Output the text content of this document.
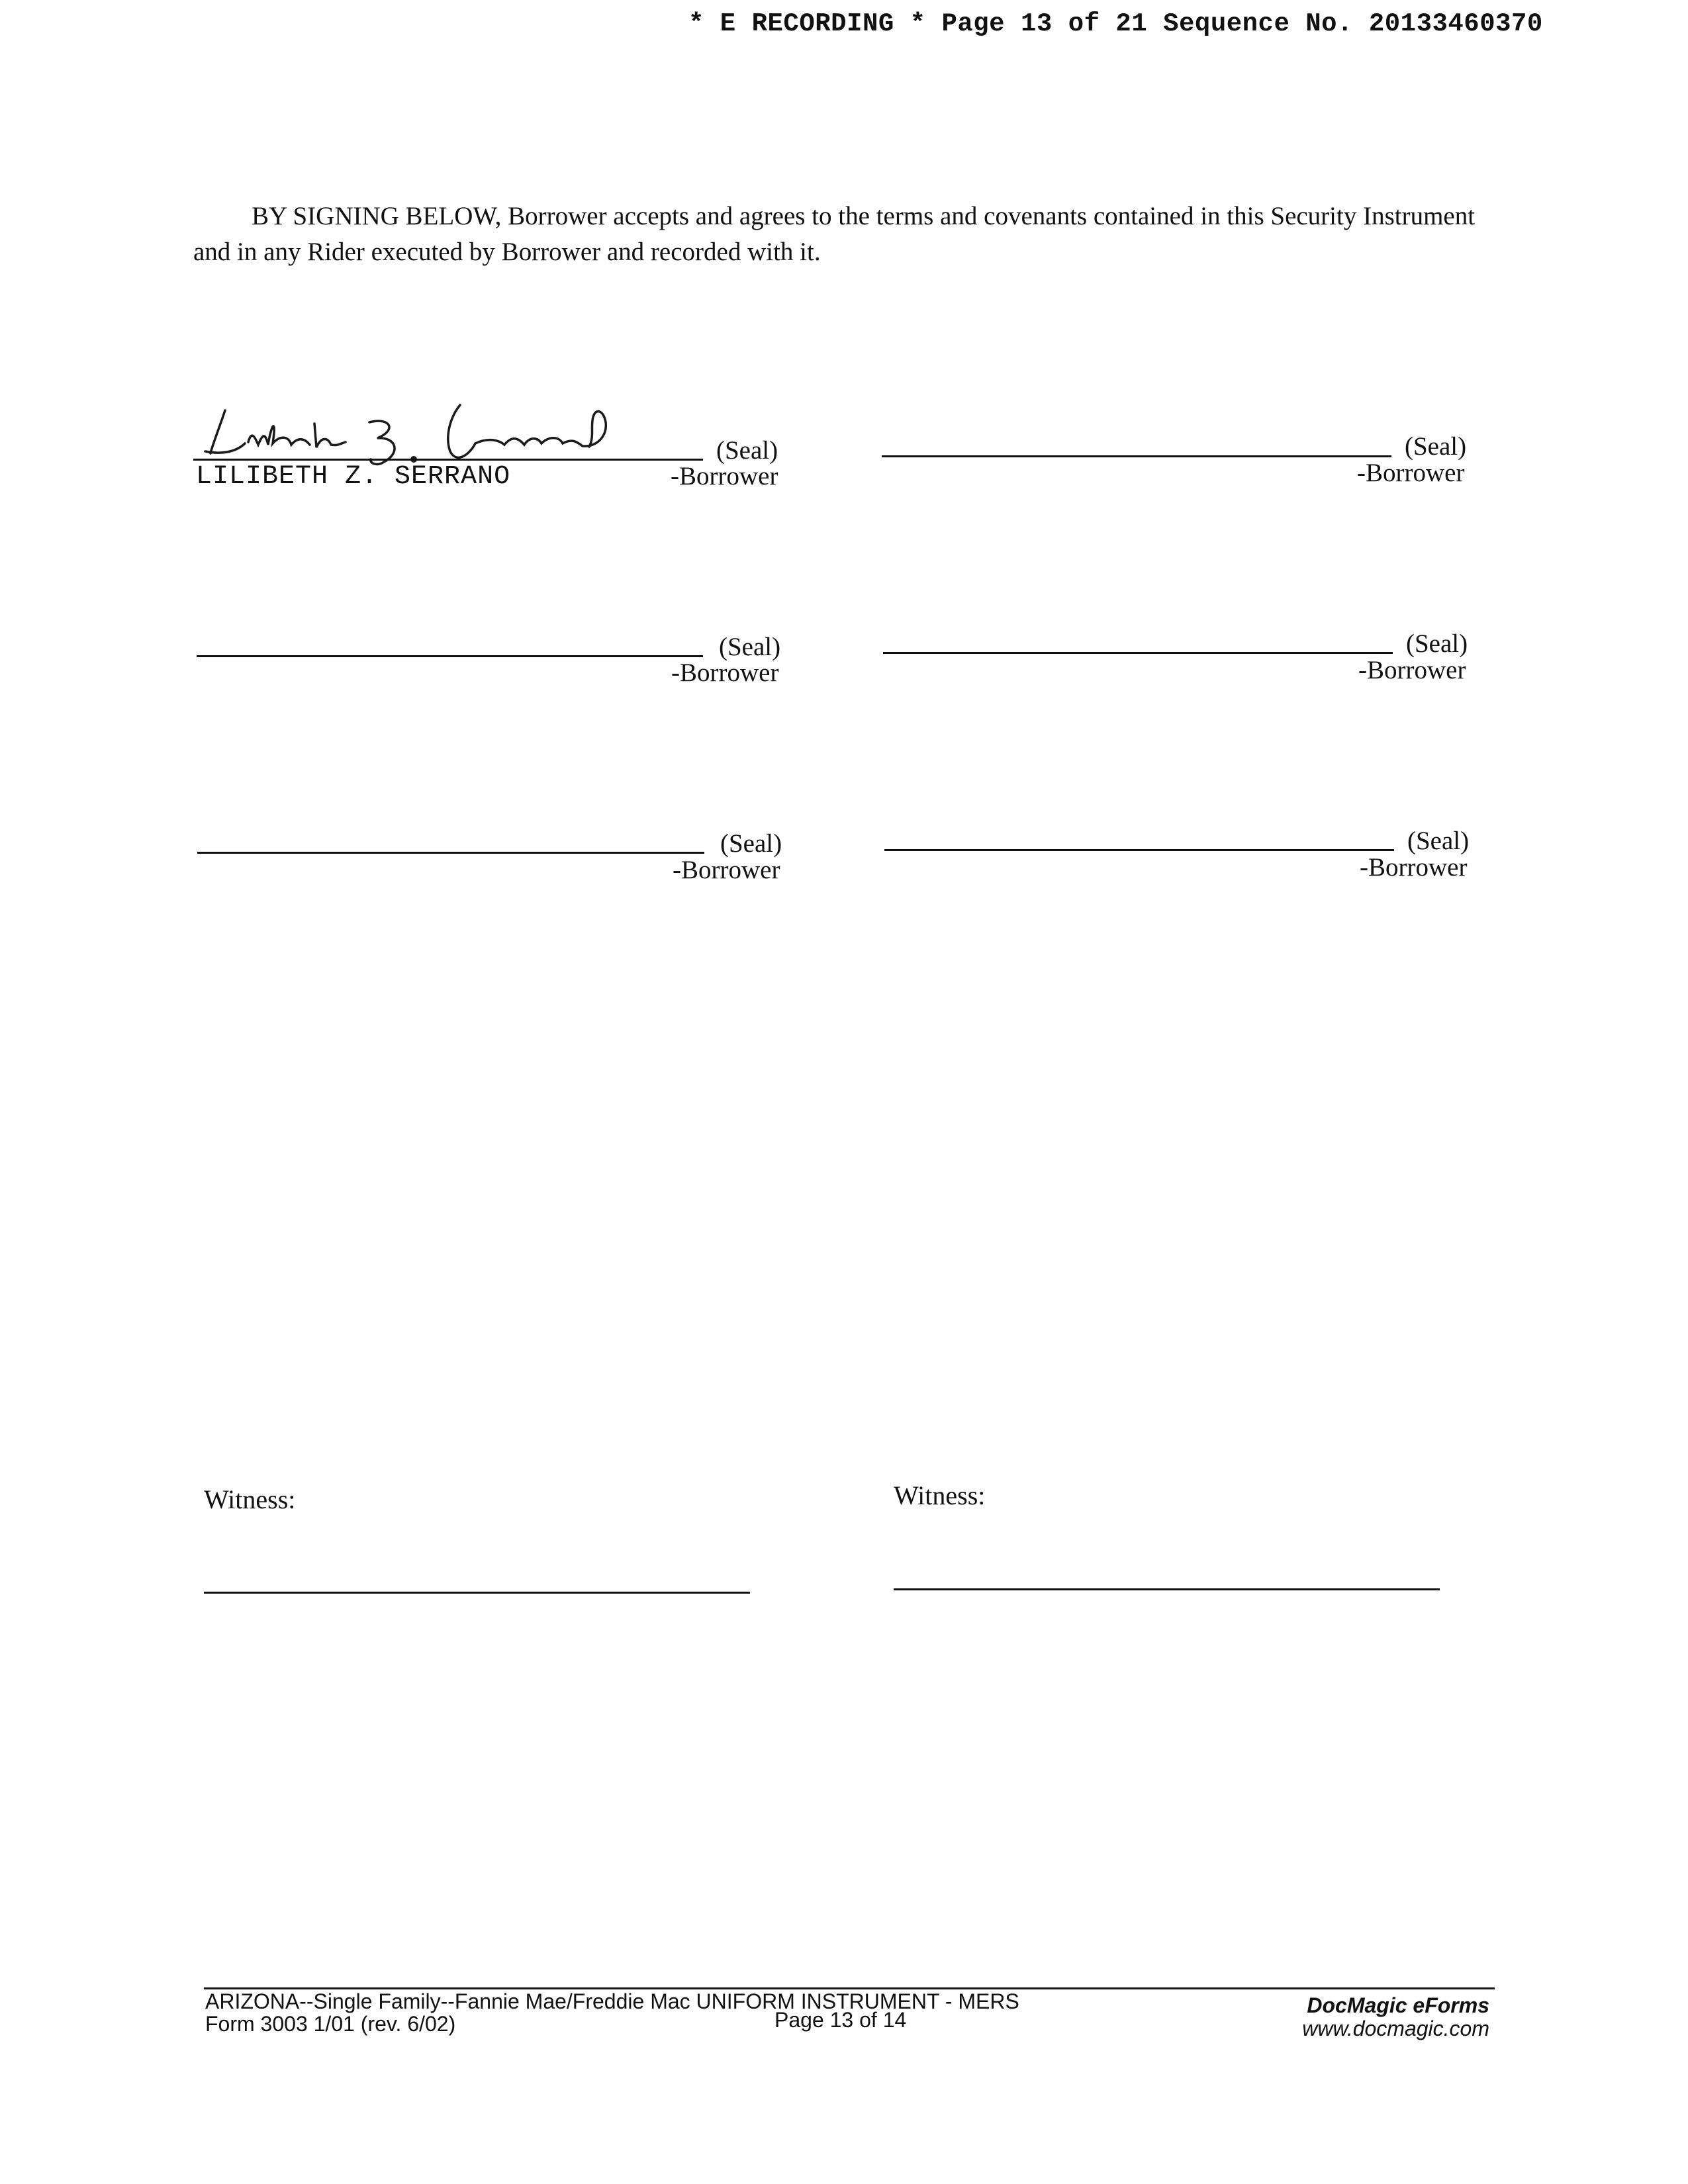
* E RECORDING * Page 13 of 21 Sequence No. 20133460370

BY SIGNING BELOW, Borrower accepts and agrees to the terms and covenants contained in this Security Instrument and in any Rider executed by Borrower and recorded with it.

(Seal)
LILIBETH Z. SERRANO	-Borrower
(Seal)
-Borrower
(Seal)
-Borrower
(Seal)
-Borrower
(Seal)
-Borrower
(Seal)
-Borrower
Witness:	Witness:
ARIZONA--Single Family--Fannie Mae/Freddie Mac UNIFORM INSTRUMENT - MERS
Form 3003 1/01 (rev. 6/02)	Page 13 of 14
DocMagic eForms
www.docmagic.com
